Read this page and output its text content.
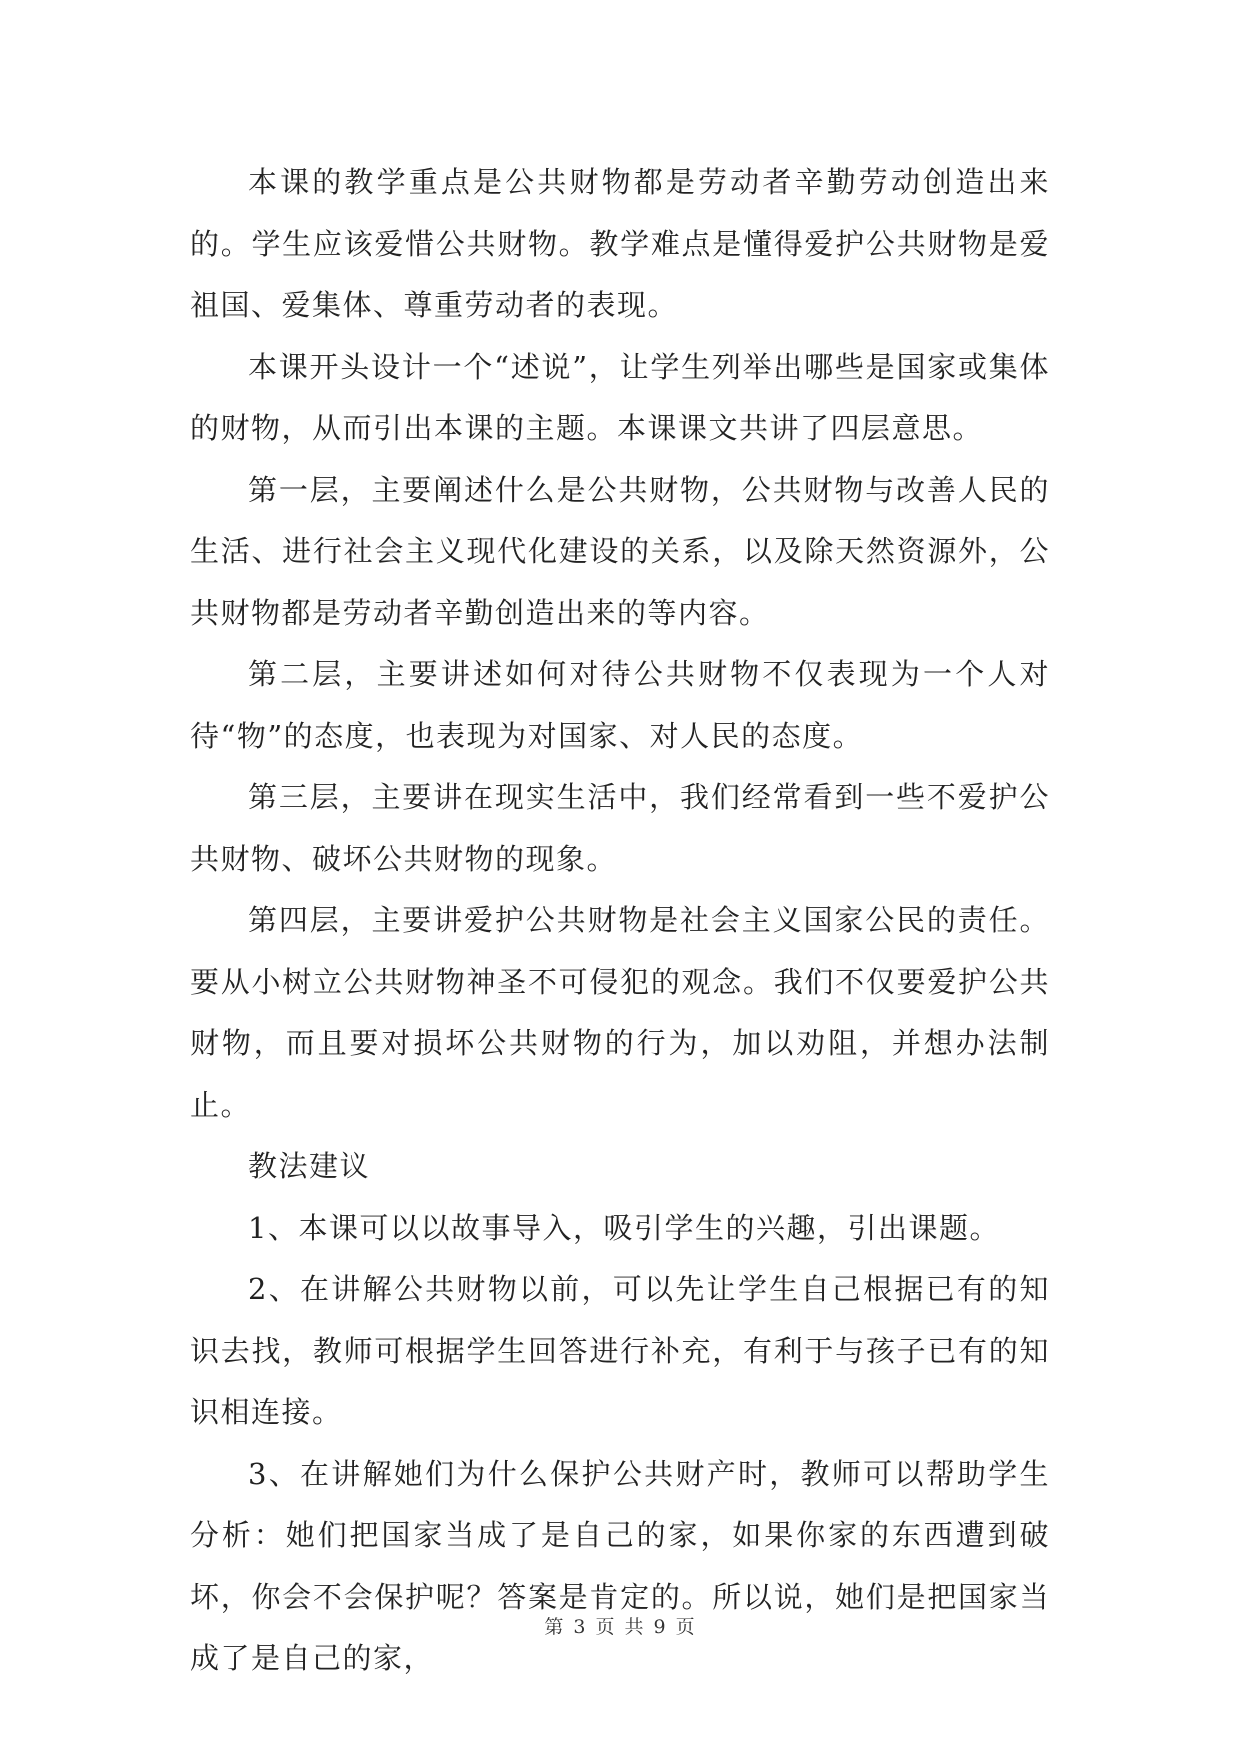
本课的教学重点是公共财物都是劳动者辛勤劳动创造出来的。学生应该爱惜公共财物。教学难点是懂得爱护公共财物是爱祖国、爱集体、尊重劳动者的表现。

本课开头设计一个“述说”，让学生列举出哪些是国家或集体的财物，从而引出本课的主题。本课课文共讲了四层意思。

第一层，主要阐述什么是公共财物，公共财物与改善人民的生活、进行社会主义现代化建设的关系，以及除天然资源外，公共财物都是劳动者辛勤创造出来的等内容。

第二层，主要讲述如何对待公共财物不仅表现为一个人对待“物”的态度，也表现为对国家、对人民的态度。

第三层，主要讲在现实生活中，我们经常看到一些不爱护公共财物、破坏公共财物的现象。

第四层，主要讲爱护公共财物是社会主义国家公民的责任。要从小树立公共财物神圣不可侵犯的观念。我们不仅要爱护公共财物，而且要对损坏公共财物的行为，加以劝阻，并想办法制止。

教法建议

1、本课可以以故事导入，吸引学生的兴趣，引出课题。

2、在讲解公共财物以前，可以先让学生自己根据已有的知识去找，教师可根据学生回答进行补充，有利于与孩子已有的知识相连接。

3、在讲解她们为什么保护公共财产时，教师可以帮助学生分析：她们把国家当成了是自己的家，如果你家的东西遭到破坏，你会不会保护呢？答案是肯定的。所以说，她们是把国家当成了是自己的家，

第 3 页 共 9 页
